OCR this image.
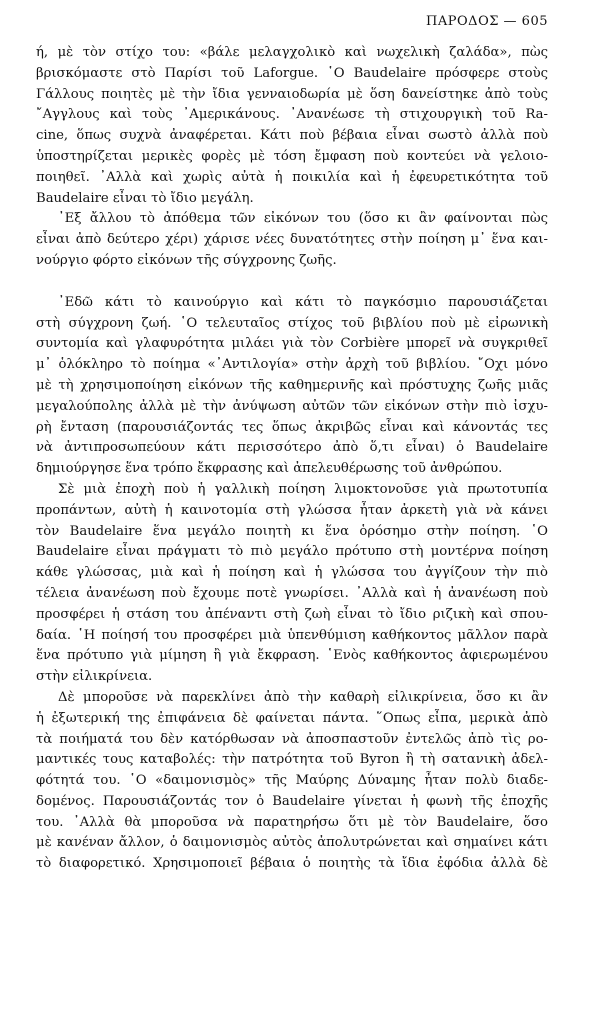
ΠΑΡΟΔΟΣ — 605
ή, μὲ τὸν στίχο του: «βάλε μελαγχολικὸ καὶ νωχελικὴ ζαλάδα», πὼς
βρισκόμαστε στὸ Παρίσι τοῦ Laforgue. ῾Ο Baudelaire πρόσφερε στοὺς
Γάλλους ποιητὲς μὲ τὴν ἴδια γενναιοδωρία μὲ ὅση δανείστηκε ἀπὸ τοὺς
῎Αγγλους καὶ τοὺς ᾿Αμερικάνους. ᾿Ανανέωσε τὴ στιχουργικὴ τοῦ Ra-
cine, ὅπως συχνὰ ἀναφέρεται. Κάτι ποὺ βέβαια εἶναι σωστὸ ἀλλὰ ποὺ
ὑποστηρίζεται μερικὲς φορὲς μὲ τόση ἔμφαση ποὺ κοντεύει νὰ γελοιο-
ποιηθεῖ. ᾿Αλλὰ καὶ χωρὶς αὐτὰ ἡ ποικιλία καὶ ἡ ἐφευρετικότητα τοῦ
Baudelaire εἶναι τὸ ἴδιο μεγάλη.
᾿Εξ ἄλλου τὸ ἀπόθεμα τῶν εἰκόνων του (ὅσο κι ἂν φαίνονται πὼς
εἶναι ἀπὸ δεύτερο χέρι) χάρισε νέες δυνατότητες στὴν ποίηση μ᾿ ἕνα και-
νούργιο φόρτο εἰκόνων τῆς σύγχρονης ζωῆς.
᾿Εδῶ κάτι τὸ καινούργιο καὶ κάτι τὸ παγκόσμιο παρουσιάζεται
στὴ σύγχρονη ζωή. ῾Ο τελευταῖος στίχος τοῦ βιβλίου ποὺ μὲ εἰρωνικὴ
συντομία καὶ γλαφυρότητα μιλάει γιὰ τὸν Corbière μπορεῖ νὰ συγκριθεῖ
μ᾿ ὁλόκληρο τὸ ποίημα «᾿Αντιλογία» στὴν ἀρχὴ τοῦ βιβλίου. ῎Οχι μόνο
μὲ τὴ χρησιμοποίηση εἰκόνων τῆς καθημερινῆς καὶ πρόστυχης ζωῆς μιᾶς
μεγαλούπολης ἀλλὰ μὲ τὴν ἀνύψωση αὐτῶν τῶν εἰκόνων στὴν πιὸ ἰσχυ-
ρὴ ἔνταση (παρουσιάζοντάς τες ὅπως ἀκριβῶς εἶναι καὶ κάνοντάς τες
νὰ ἀντιπροσωπεύουν κάτι περισσότερο ἀπὸ ὅ,τι εἶναι) ὁ Baudelaire
δημιούργησε ἕνα τρόπο ἔκφρασης καὶ ἀπελευθέρωσης τοῦ ἀνθρώπου.
Σὲ μιὰ ἐποχὴ ποὺ ἡ γαλλικὴ ποίηση λιμοκτονοῦσε γιὰ πρωτοτυπία
προπάντων, αὐτὴ ἡ καινοτομία στὴ γλώσσα ἦταν ἀρκετὴ γιὰ νὰ κάνει
τὸν Baudelaire ἕνα μεγάλο ποιητὴ κι ἕνα ὁρόσημο στὴν ποίηση. ῾Ο
Baudelaire εἶναι πράγματι τὸ πιὸ μεγάλο πρότυπο στὴ μοντέρνα ποίηση
κάθε γλώσσας, μιὰ καὶ ἡ ποίηση καὶ ἡ γλώσσα του ἀγγίζουν τὴν πιὸ
τέλεια ἀνανέωση ποὺ ἔχουμε ποτὲ γνωρίσει. ᾿Αλλὰ καὶ ἡ ἀνανέωση ποὺ
προσφέρει ἡ στάση του ἀπέναντι στὴ ζωὴ εἶναι τὸ ἴδιο ριζικὴ καὶ σπου-
δαία. ῾Η ποίησή του προσφέρει μιὰ ὑπενθύμιση καθήκοντος μᾶλλον παρὰ
ἕνα πρότυπο γιὰ μίμηση ἢ γιὰ ἔκφραση. ῾Ενὸς καθήκοντος ἀφιερωμένου
στὴν εἰλικρίνεια.
Δὲ μποροῦσε νὰ παρεκλίνει ἀπὸ τὴν καθαρὴ εἰλικρίνεια, ὅσο κι ἂν
ἡ ἐξωτερική της ἐπιφάνεια δὲ φαίνεται πάντα. ῞Οπως εἶπα, μερικὰ ἀπὸ
τὰ ποιήματά του δὲν κατόρθωσαν νὰ ἀποσπαστοῦν ἐντελῶς ἀπὸ τὶς ρο-
μαντικές τους καταβολές: τὴν πατρότητα τοῦ Byron ἢ τὴ σατανικὴ ἀδελ-
φότητά του. ῾Ο «δαιμονισμὸς» τῆς Μαύρης Δύναμης ἦταν πολὺ διαδε-
δομένος. Παρουσιάζοντάς τον ὁ Baudelaire γίνεται ἡ φωνὴ τῆς ἐποχῆς
του. ᾿Αλλὰ θὰ μποροῦσα νὰ παρατηρήσω ὅτι μὲ τὸν Baudelaire, ὅσο
μὲ κανέναν ἄλλον, ὁ δαιμονισμὸς αὐτὸς ἀπολυτρώνεται καὶ σημαίνει κάτι
τὸ διαφορετικό. Χρησιμοποιεῖ βέβαια ὁ ποιητὴς τὰ ἴδια ἐφόδια ἀλλὰ δὲ
